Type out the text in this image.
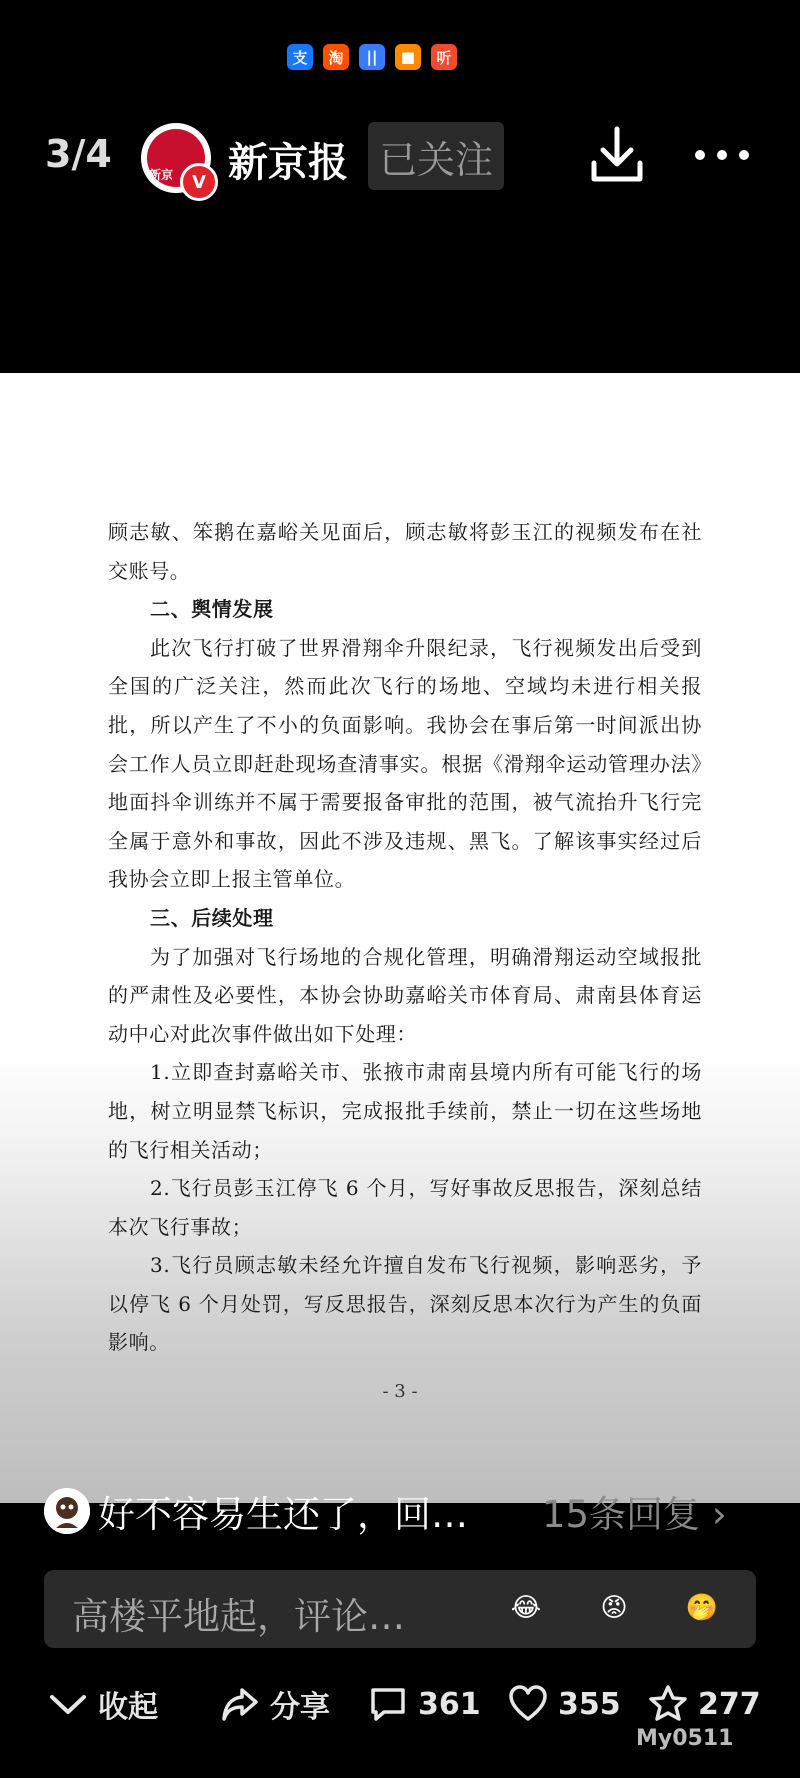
支	淘	||	■	听
3/4	新京	V 新京报 已关注

顾志敏、笨鹅在嘉峪关见面后，顾志敏将彭玉江的视频发布在社交账号。

二、舆情发展

此次飞行打破了世界滑翔伞升限纪录，飞行视频发出后受到全国的广泛关注，然而此次飞行的场地、空域均未进行相关报批，所以产生了不小的负面影响。我协会在事后第一时间派出协会工作人员立即赶赴现场查清事实。根据《滑翔伞运动管理办法》地面抖伞训练并不属于需要报备审批的范围，被气流抬升飞行完全属于意外和事故，因此不涉及违规、黑飞。了解该事实经过后我协会立即上报主管单位。

三、后续处理

为了加强对飞行场地的合规化管理，明确滑翔运动空域报批的严肃性及必要性，本协会协助嘉峪关市体育局、肃南县体育运动中心对此次事件做出如下处理：

1.立即查封嘉峪关市、张掖市肃南县境内所有可能飞行的场地，树立明显禁飞标识，完成报批手续前，禁止一切在这些场地的飞行相关活动；

2.飞行员彭玉江停飞 6 个月，写好事故反思报告，深刻总结本次飞行事故；

3.飞行员顾志敏未经允许擅自发布飞行视频，影响恶劣，予以停飞 6 个月处罚，写反思报告，深刻反思本次行为产生的负面影响。

- 3 -
好不容易生还了，回… 15条回复 ›
高楼平地起，评论…	😂	😡	🤭
收起	分享	361	355	277
My0511
